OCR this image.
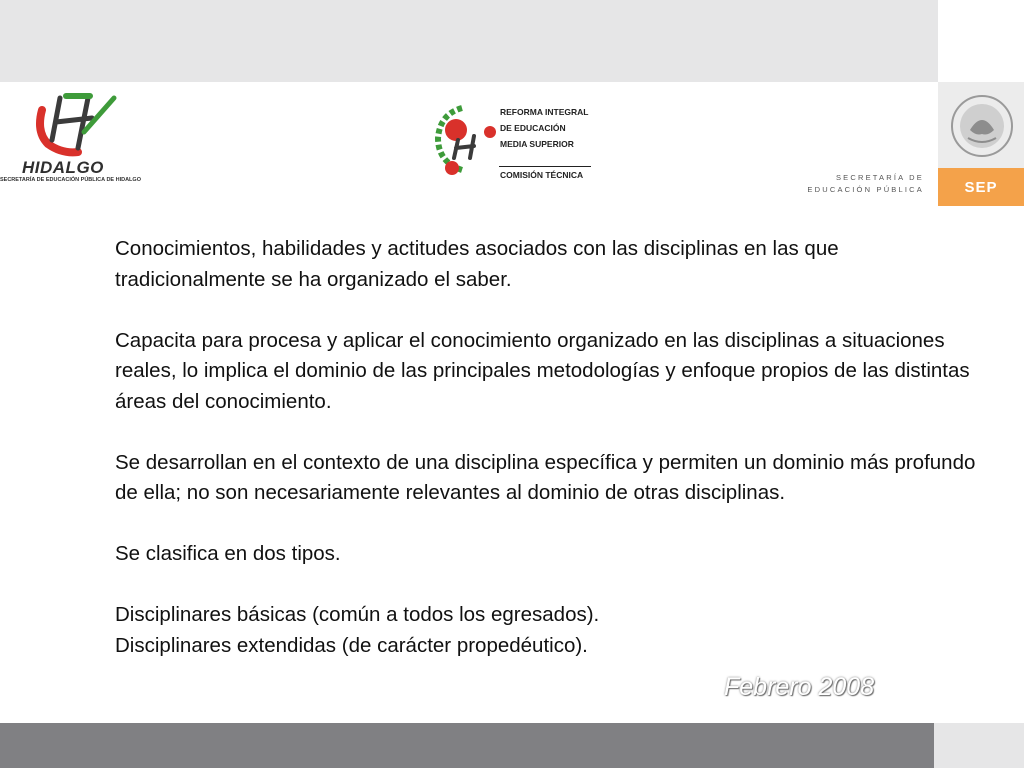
SECRETARÍA DE
EDUCACIÓN PÚBLICA	SEP
HIDALGO
SECRETARÍA DE EDUCACIÓN PÚBLICA DE HIDALGO
REFORMA INTEGRAL
DE EDUCACIÓN
MEDIA SUPERIOR
COMISIÓN TÉCNICA

Conocimientos, habilidades y actitudes asociados con las disciplinas en las que tradicionalmente se ha organizado el saber.

Capacita para procesa y aplicar el conocimiento organizado en las disciplinas a situaciones reales, lo implica el dominio de las principales metodologías y enfoque propios de las distintas áreas del conocimiento.

Se desarrollan en el contexto de una disciplina específica y permiten un dominio más profundo de ella; no son necesariamente relevantes al dominio de otras disciplinas.

Se clasifica en dos tipos.

Disciplinares básicas (común a todos los egresados).

Disciplinares extendidas (de carácter propedéutico).

Febrero 2008
